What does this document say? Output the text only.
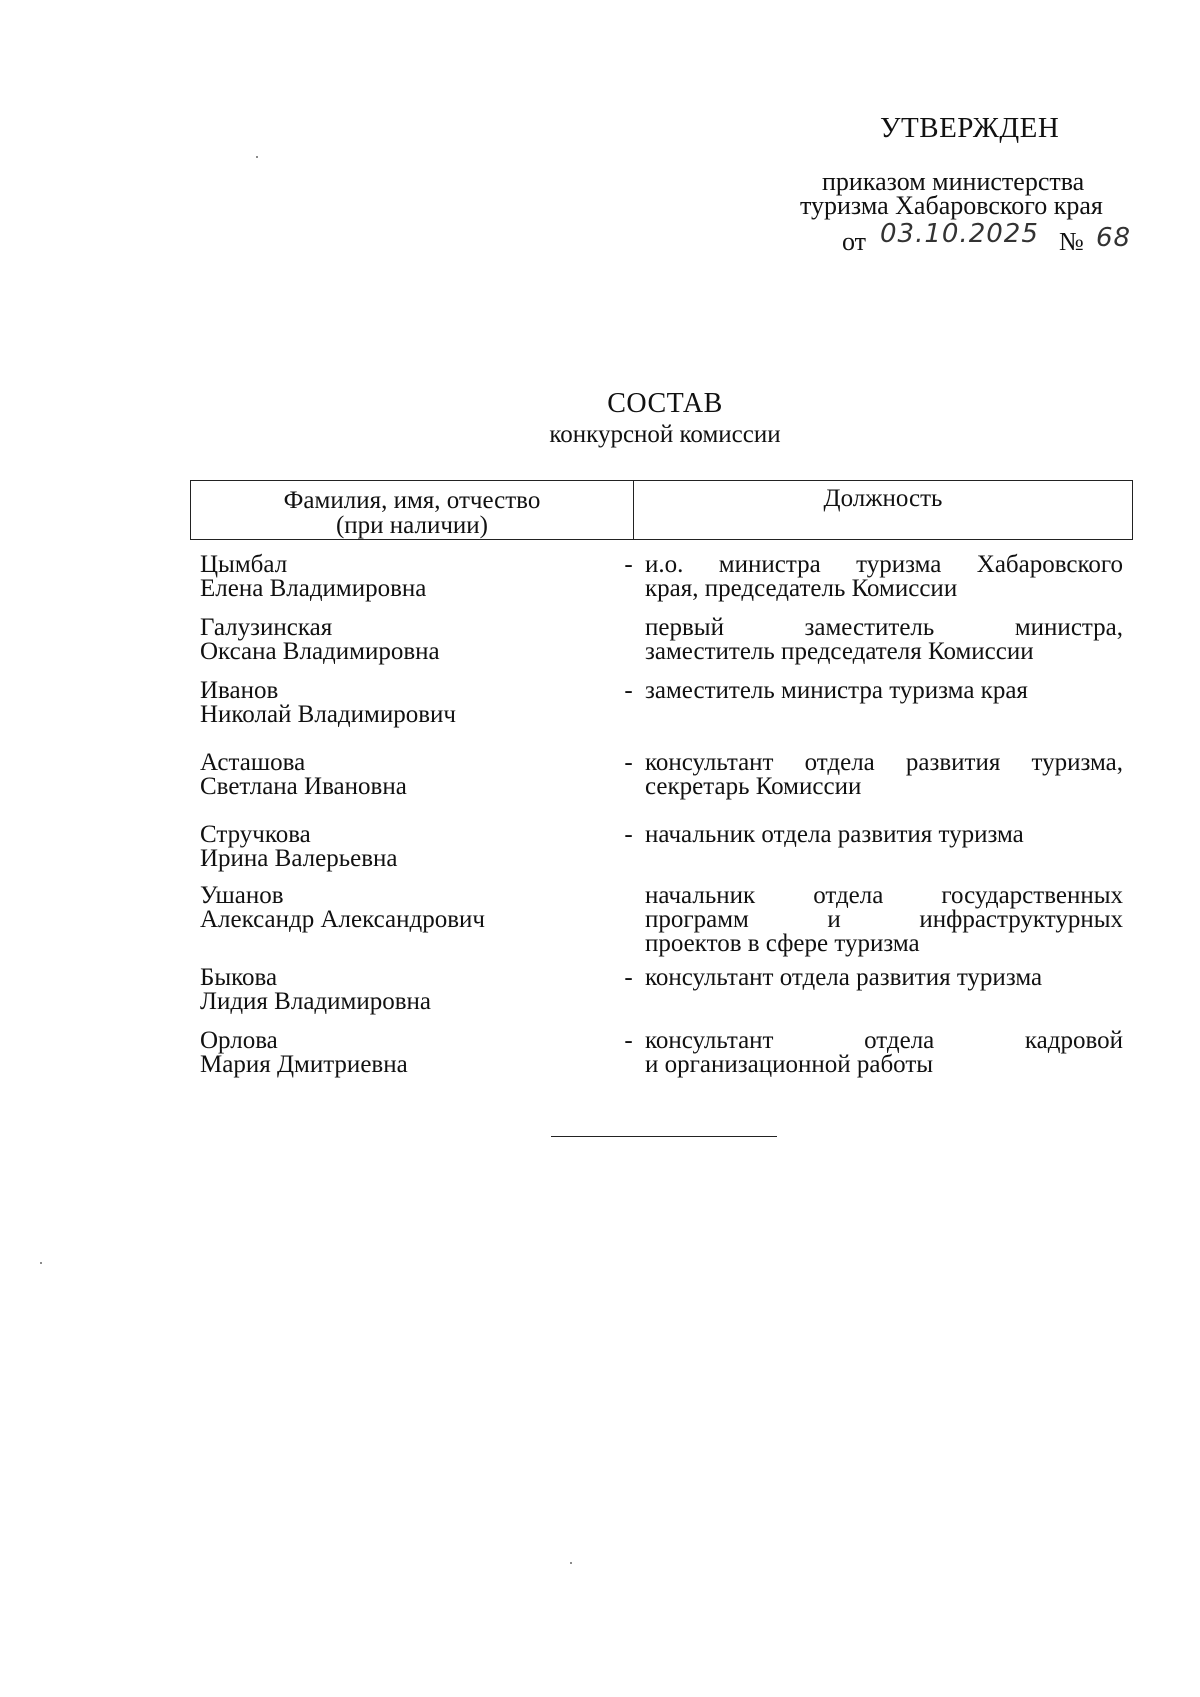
УТВЕРЖДЕН
приказом министерства
туризма Хабаровского края
от 03.10.2025 № 68
СОСТАВ
конкурсной комиссии
Фамилия, имя, отчество
(при наличии)
Должность
Цымбал
Елена Владимировна
- и.о. министра туризма Хабаровского
края, председатель Комиссии
Галузинская
Оксана Владимировна
первый заместитель министра,
заместитель председателя Комиссии
Иванов
Николай Владимирович
- заместитель министра туризма края
Асташова
Светлана Ивановна
- консультант отдела развития туризма,
секретарь Комиссии
Стручкова
Ирина Валерьевна
- начальник отдела развития туризма
Ушанов
Александр Александрович
начальник отдела государственных
программ и инфраструктурных
проектов в сфере туризма
Быкова
Лидия Владимировна
- консультант отдела развития туризма
Орлова
Мария Дмитриевна
- консультант отдела кадровой
и организационной работы
